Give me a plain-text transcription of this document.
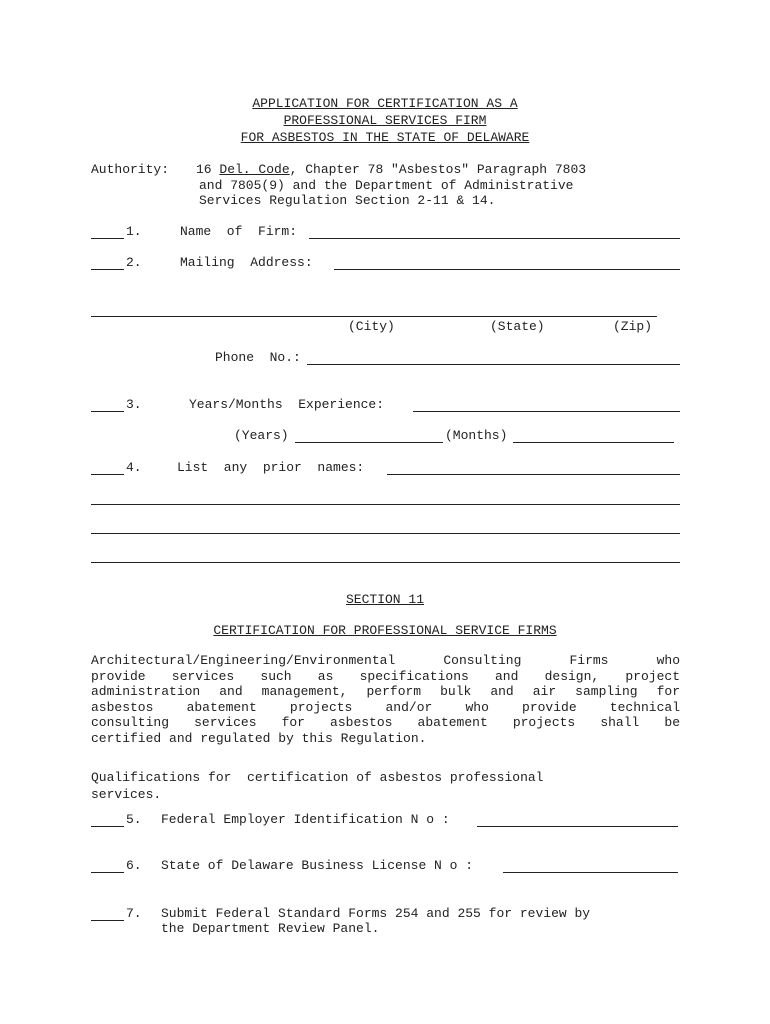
APPLICATION FOR CERTIFICATION AS A
PROFESSIONAL SERVICES FIRM
FOR ASBESTOS IN THE STATE OF DELAWARE
Authority: 16 Del. Code, Chapter 78 "Asbestos" Paragraph 7803
and 7805(9) and the Department of Administrative
Services Regulation Section 2-11 & 14.
1.	Name  of  Firm:
2.	Mailing  Address:
(City)	(State)	(Zip)
Phone  No.:
3.	Years/Months  Experience:
(Years)	(Months)
4.	List  any  prior  names:
SECTION 11
CERTIFICATION FOR PROFESSIONAL SERVICE FIRMS
Architectural/Engineering/Environmental Consulting Firms who
provide services such as specifications and design, project
administration and management, perform bulk and air sampling for
asbestos abatement projects and/or who provide technical
consulting services for asbestos abatement projects shall be
certified and regulated by this Regulation.
Qualifications for  certification of asbestos professional
services.
5. Federal Employer Identification N o :
6. State of Delaware Business License N o :
7. Submit Federal Standard Forms 254 and 255 for review by
the Department Review Panel.
